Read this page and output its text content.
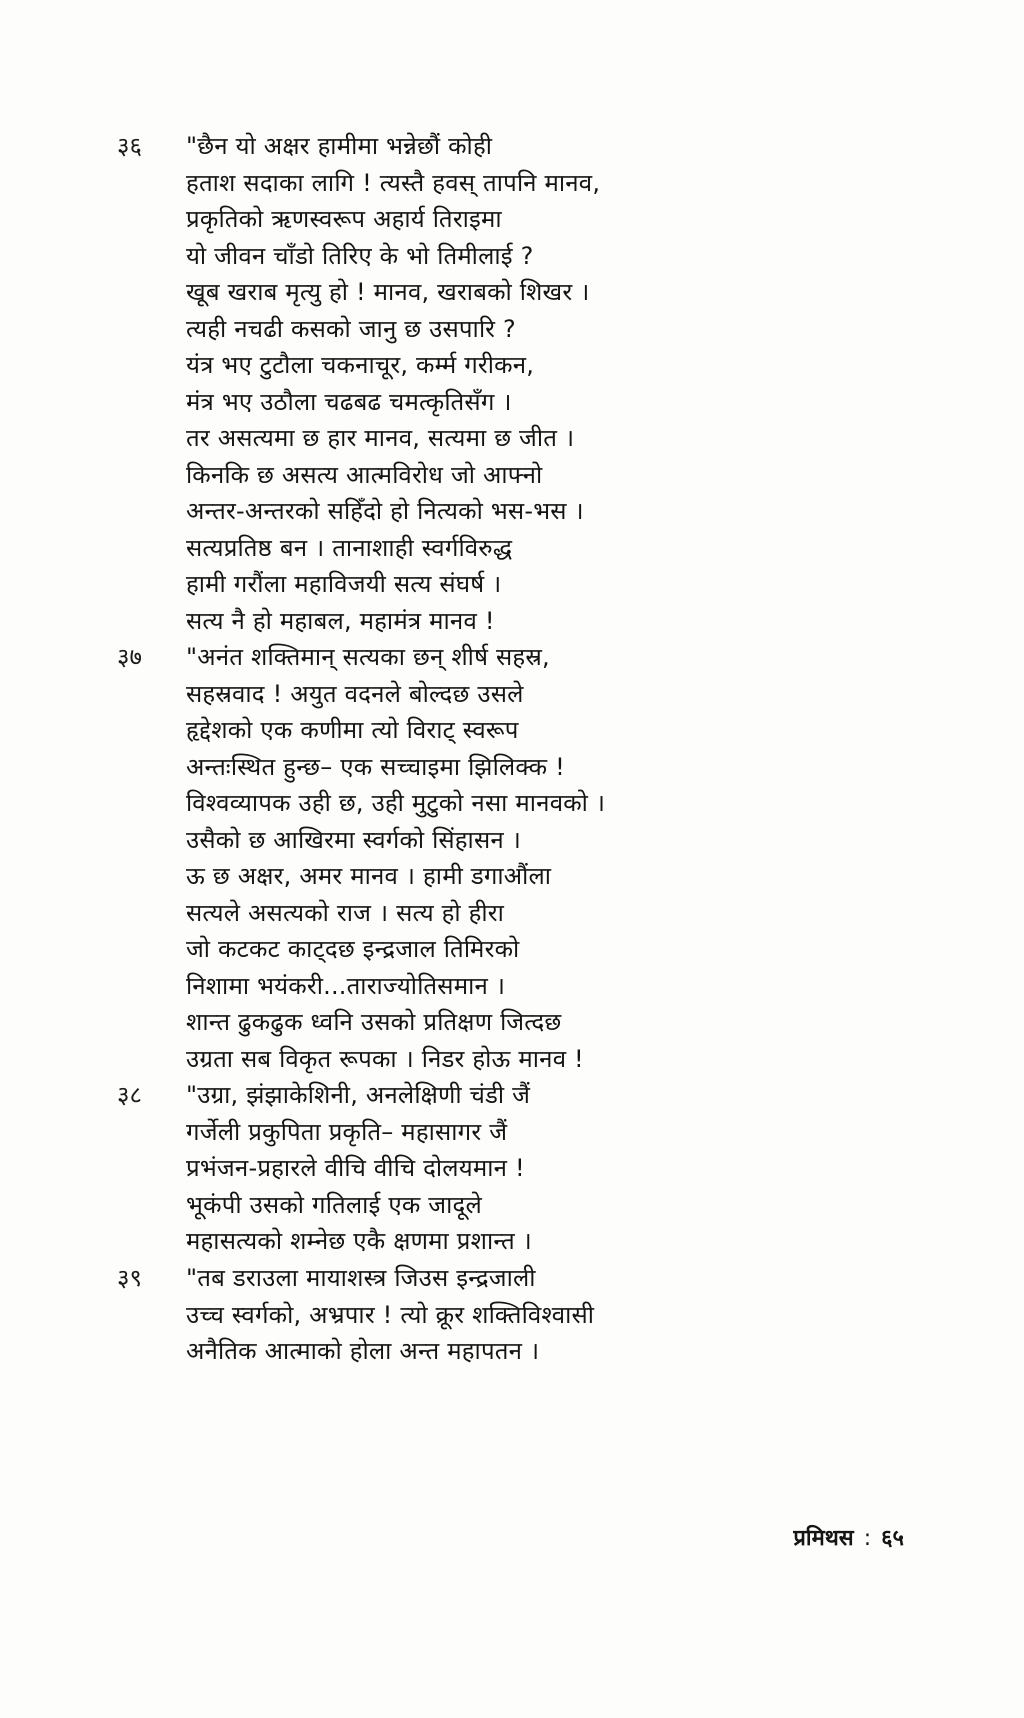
३६ "छैन यो अक्षर हामीमा भन्नेछौं कोही
हताश सदाका लागि ! त्यस्तै हवस् तापनि मानव,
प्रकृतिको ऋणस्वरूप अहार्य तिराइमा
यो जीवन चाँडो तिरिए के भो तिमीलाई ?
खूब खराब मृत्यु हो ! मानव, खराबको शिखर ।
त्यही नचढी कसको जानु छ उसपारि ?
यंत्र भए टुटौला चकनाचूर, कर्म्म गरीकन,
मंत्र भए उठौला चढबढ चमत्कृतिसँग ।
तर असत्यमा छ हार मानव, सत्यमा छ जीत ।
किनकि छ असत्य आत्मविरोध जो आफ्नो
अन्तर-अन्तरको सहिँदो हो नित्यको भस-भस ।
सत्यप्रतिष्ठ बन । तानाशाही स्वर्गविरुद्ध
हामी गरौंला महाविजयी सत्य संघर्ष ।
सत्य नै हो महाबल, महामंत्र मानव !
३७ "अनंत शक्तिमान् सत्यका छन् शीर्ष सहस्र,
सहस्रवाद ! अयुत वदनले बोल्दछ उसले
हृद्देशको एक कणीमा त्यो विराट् स्वरूप
अन्तःस्थित हुन्छ– एक सच्चाइमा झिलिक्क !
विश्वव्यापक उही छ, उही मुटुको नसा मानवको ।
उसैको छ आखिरमा स्वर्गको सिंहासन ।
ऊ छ अक्षर, अमर मानव । हामी डगाऔंला
सत्यले असत्यको राज । सत्य हो हीरा
जो कटकट काट्दछ इन्द्रजाल तिमिरको
निशामा भयंकरी...ताराज्योतिसमान ।
शान्त ढुकढुक ध्वनि उसको प्रतिक्षण जित्दछ
उग्रता सब विकृत रूपका । निडर होऊ मानव !
३८ "उग्रा, झंझाकेशिनी, अनलेक्षिणी चंडी जैं
गर्जेली प्रकुपिता प्रकृति– महासागर जैं
प्रभंजन-प्रहारले वीचि वीचि दोलयमान !
भूकंपी उसको गतिलाई एक जादूले
महासत्यको शम्नेछ एकै क्षणमा प्रशान्त ।
३९ "तब डराउला मायाशस्त्र जिउस इन्द्रजाली
उच्च स्वर्गको, अभ्रपार ! त्यो क्रूर शक्तिविश्वासी
अनैतिक आत्माको होला अन्त महापतन ।
प्रमिथस : ६५
